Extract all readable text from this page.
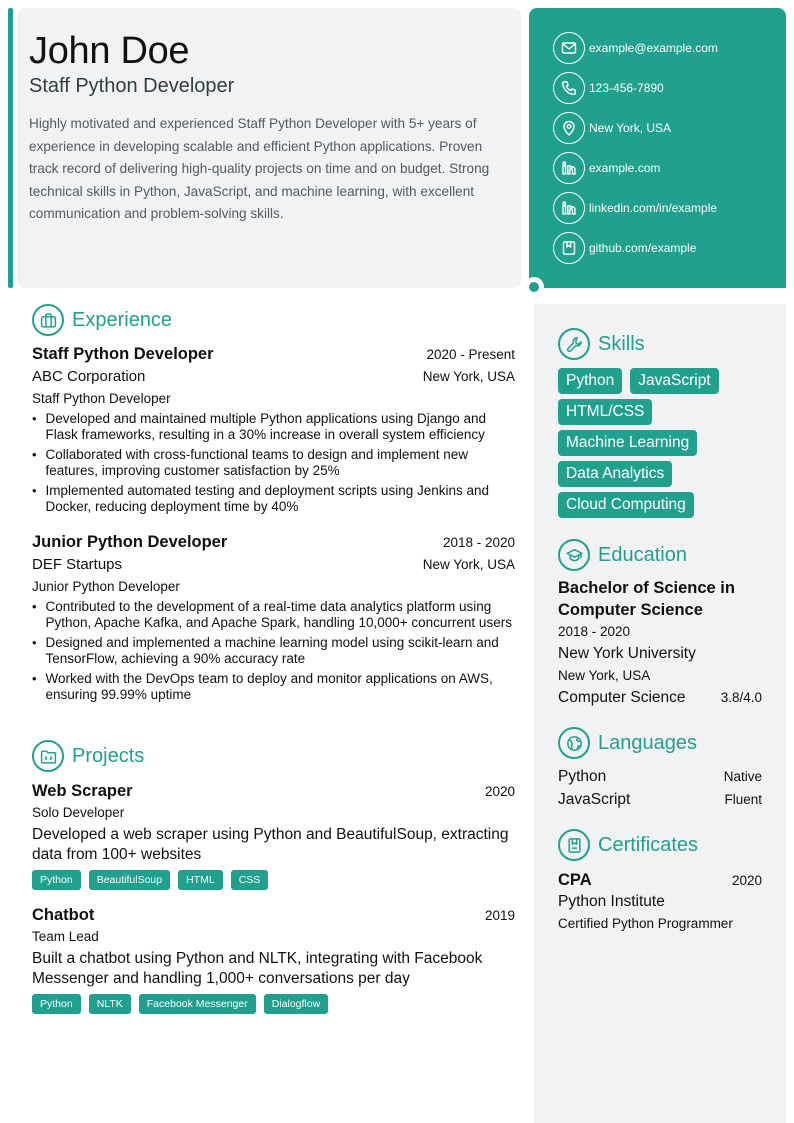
John Doe
Staff Python Developer
Highly motivated and experienced Staff Python Developer with 5+ years of experience in developing scalable and efficient Python applications. Proven track record of delivering high-quality projects on time and on budget. Strong technical skills in Python, JavaScript, and machine learning, with excellent communication and problem-solving skills.
example@example.com
123-456-7890
New York, USA
example.com
linkedin.com/in/example
github.com/example
Experience
Staff Python Developer	2020 - Present
ABC Corporation	New York, USA
Staff Python Developer
• Developed and maintained multiple Python applications using Django and Flask frameworks, resulting in a 30% increase in overall system efficiency
• Collaborated with cross-functional teams to design and implement new features, improving customer satisfaction by 25%
• Implemented automated testing and deployment scripts using Jenkins and Docker, reducing deployment time by 40%
Junior Python Developer	2018 - 2020
DEF Startups	New York, USA
Junior Python Developer
• Contributed to the development of a real-time data analytics platform using Python, Apache Kafka, and Apache Spark, handling 10,000+ concurrent users
• Designed and implemented a machine learning model using scikit-learn and TensorFlow, achieving a 90% accuracy rate
• Worked with the DevOps team to deploy and monitor applications on AWS, ensuring 99.99% uptime
Projects
Web Scraper	2020
Solo Developer
Developed a web scraper using Python and BeautifulSoup, extracting data from 100+ websites
Python	BeautifulSoup	HTML	CSS
Chatbot	2019
Team Lead
Built a chatbot using Python and NLTK, integrating with Facebook Messenger and handling 1,000+ conversations per day
Python	NLTK	Facebook Messenger	Dialogflow
Skills
Python	JavaScript
HTML/CSS
Machine Learning
Data Analytics
Cloud Computing
Education
Bachelor of Science in Computer Science
2018 - 2020
New York University
New York, USA
Computer Science	3.8/4.0
Languages
Python	Native
JavaScript	Fluent
Certificates
CPA	2020
Python Institute
Certified Python Programmer
